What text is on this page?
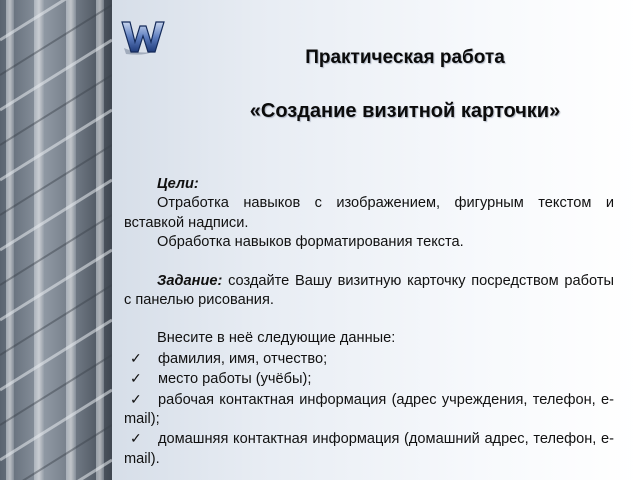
Практическая работа
«Создание визитной карточки»

Цели:

Отработка навыков с изображением, фигурным текстом и вставкой надписи.

Обработка навыков форматирования текста.

Задание: создайте Вашу визитную карточку посредством работы с панелью рисования.

Внесите в неё следующие данные:

✓ фамилия, имя, отчество;

✓ место работы (учёбы);

✓ рабочая контактная информация (адрес учреждения, телефон, e-mail);

✓ домашняя контактная информация (домашний адрес, телефон, e-mail).
